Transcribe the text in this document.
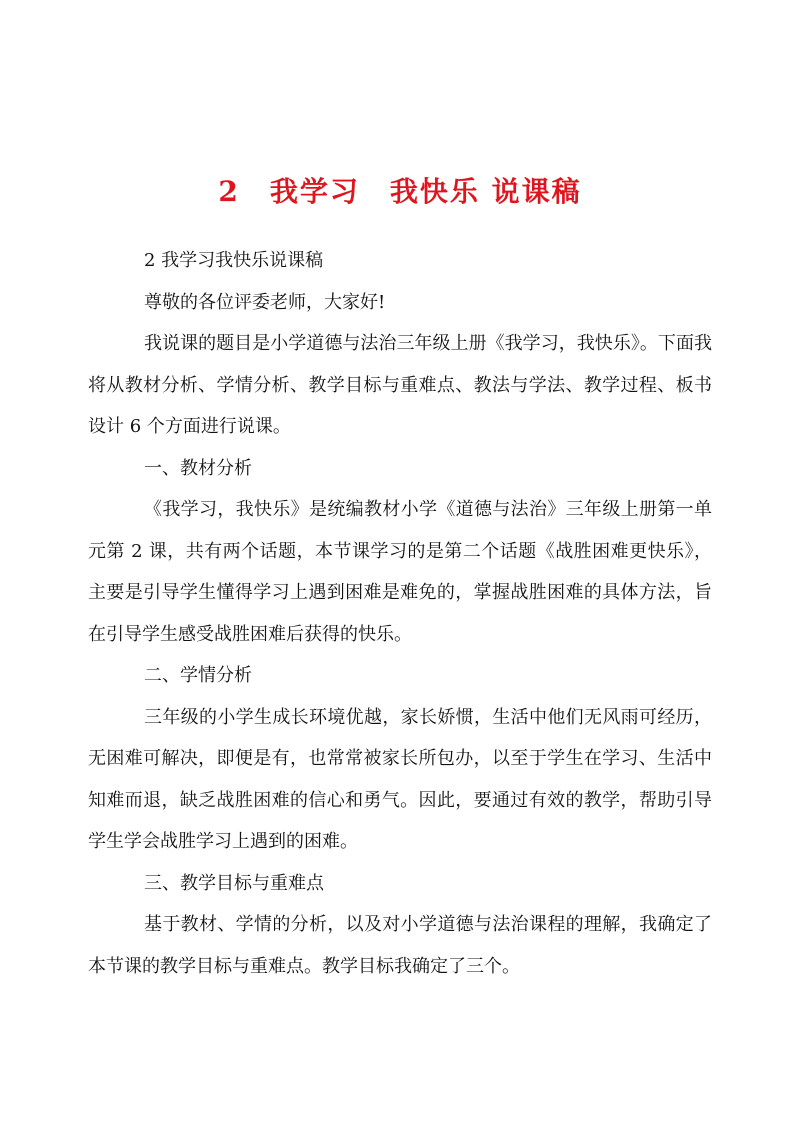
2　我学习　我快乐 说课稿

2 我学习我快乐说课稿

尊敬的各位评委老师，大家好!

我说课的题目是小学道德与法治三年级上册《我学习，我快乐》。下面我将从教材分析、学情分析、教学目标与重难点、教法与学法、教学过程、板书设计 6 个方面进行说课。

一、教材分析

《我学习，我快乐》是统编教材小学《道德与法治》三年级上册第一单元第 2 课，共有两个话题，本节课学习的是第二个话题《战胜困难更快乐》，主要是引导学生懂得学习上遇到困难是难免的，掌握战胜困难的具体方法，旨在引导学生感受战胜困难后获得的快乐。

二、学情分析

三年级的小学生成长环境优越，家长娇惯，生活中他们无风雨可经历，无困难可解决，即便是有，也常常被家长所包办，以至于学生在学习、生活中知难而退，缺乏战胜困难的信心和勇气。因此，要通过有效的教学，帮助引导学生学会战胜学习上遇到的困难。

三、教学目标与重难点

基于教材、学情的分析，以及对小学道德与法治课程的理解，我确定了本节课的教学目标与重难点。教学目标我确定了三个。
